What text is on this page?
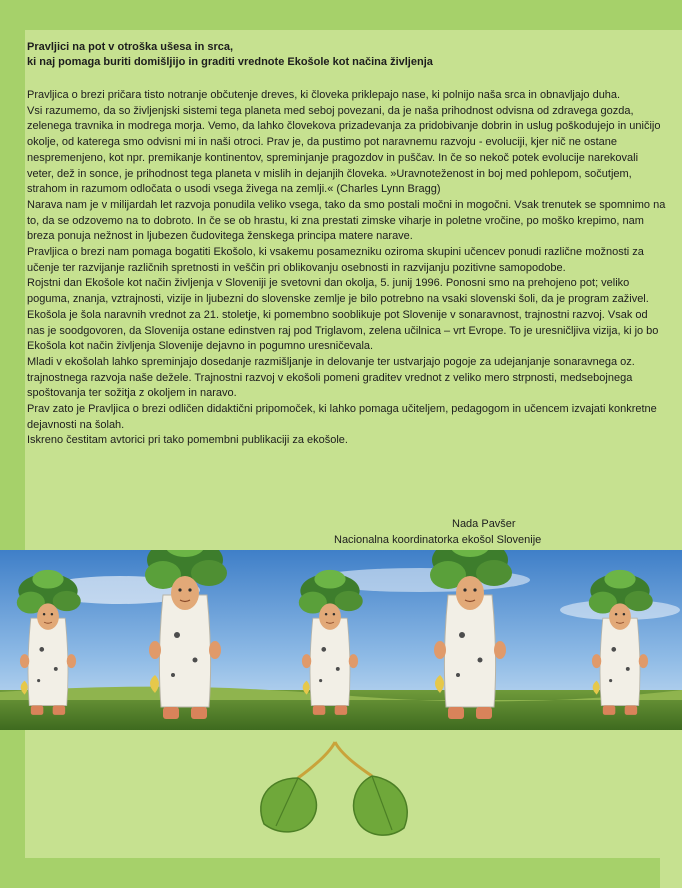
Pravljici na pot v otroška ušesa in srca,
ki naj pomaga buriti domišljijo in graditi vrednote Ekošole kot načina življenja

Pravljica o brezi pričara tisto notranje občutenje dreves, ki človeka priklepajo nase, ki polnijo naša srca in obnavljajo duha.

Vsi razumemo, da so življenjski sistemi tega planeta med seboj povezani, da je naša prihodnost odvisna od zdravega gozda, zelenega travnika in modrega morja. Vemo, da lahko človekova prizadevanja za pridobivanje dobrin in uslug poškodujejo in uničijo okolje, od katerega smo odvisni mi in naši otroci. Prav je, da pustimo pot naravnemu razvoju - evoluciji, kjer nič ne ostane nespremenjeno, kot npr. premikanje kontinentov, spreminjanje pragozdov in puščav. In če so nekoč potek evolucije narekovali veter, dež in sonce, je prihodnost tega planeta v mislih in dejanjih človeka. »Uravnoteženost in boj med pohlepom, sočutjem, strahom in razumom odločata o usodi vsega živega na zemlji.« (Charles Lynn Bragg)

Narava nam je v milijardah let razvoja ponudila veliko vsega, tako da smo postali močni in mogočni. Vsak trenutek se spomnimo na to, da se odzovemo na to dobroto. In če se ob hrastu, ki zna prestati zimske viharje in poletne vročine, po moško krepimo, nam breza ponuja nežnost in ljubezen čudovitega ženskega principa matere narave.

Pravljica o brezi nam pomaga bogatiti Ekošolo, ki vsakemu posamezniku oziroma skupini učencev ponudi različne možnosti za učenje ter razvijanje različnih spretnosti in veščin pri oblikovanju osebnosti in razvijanju pozitivne samopodobe.

Rojstni dan Ekošole kot način življenja v Sloveniji je svetovni dan okolja, 5. junij 1996. Ponosni smo na prehojeno pot; veliko poguma, znanja, vztrajnosti, vizije in ljubezni do slovenske zemlje je bilo potrebno na vsaki slovenski šoli, da je program zaživel.

Ekošola je šola naravnih vrednot za 21. stoletje, ki pomembno sooblikuje pot Slovenije v sonaravnost, trajnostni razvoj. Vsak od nas je soodgovoren, da Slovenija ostane edinstven raj pod Triglavom, zelena učilnica – vrt Evrope. To je uresničljiva vizija, ki jo bo Ekošola kot način življenja Slovenije dejavno in pogumno uresničevala.

Mladi v ekošolah lahko spreminjajo dosedanje razmišljanje in delovanje ter ustvarjajo pogoje za udejanjanje sonaravnega oz. trajnostnega razvoja naše dežele. Trajnostni razvoj v ekošoli pomeni graditev vrednot z veliko mero strpnosti, medsebojnega spoštovanja ter sožitja z okoljem in naravo.

Prav zato je Pravljica o brezi odličen didaktični pripomoček, ki lahko pomaga učiteljem, pedagogom in učencem izvajati konkretne dejavnosti na šolah.

Iskreno čestitam avtorici pri tako pomembni publikaciji za ekošole.

Nada Pavšer
Nacionalna koordinatorka ekošol Slovenije
